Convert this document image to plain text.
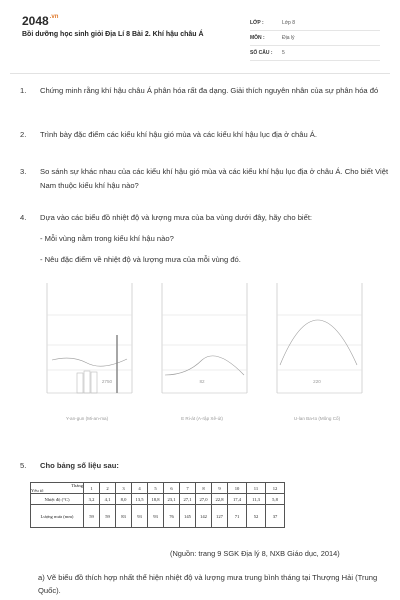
$2048^{.vn}$
Bồi dưỡng học sinh giỏi Địa Lí 8 Bài 2. Khí hậu châu Á
LỚP :	Lớp 8
MÔN :	Địa lý
SỐ CÂU :	5
1.	Chứng minh rằng khí hậu châu Á phân hóa rất đa dạng. Giải thích nguyên nhân của sự phân hóa đó
2.	Trình bày đặc điểm các kiểu khí hậu gió mùa và các kiểu khí hậu lục địa ở châu Á.
3.	So sánh sự khác nhau của các kiểu khí hậu gió mùa và các kiểu khí hậu lục địa ở châu Á. Cho biết Việt Nam thuộc kiểu khí hậu nào?
4.	Dựa vào các biểu đồ nhiệt độ và lượng mưa của ba vùng dưới đây, hãy cho biết:
- Mỗi vùng nằm trong kiểu khí hậu nào?
- Nêu đặc điểm về nhiệt độ và lượng mưa của mỗi vùng đó.
2750	82	220
Y-an-gun (Mi-an-ma)	E Ri-át (A-rập Xê-út)	U-lan Ba-to (Mông Cổ)
5.	Cho bảng số liệu sau:
Tháng
Yếu tố	1	2	3	4	5	6	7	8	9	10	11	12
Nhiệt độ (°C)	3,2	4,1	8,0	13,5	18,8	23,1	27,1	27,0	22,8	17,4	11,3	5,8
Lượng mưa (mm)	59	59	83	93	93	76	145	142	127	71	52	37
(Nguồn: trang 9 SGK Địa lý 8, NXB Giáo dục, 2014)
a) Vẽ biểu đồ thích hợp nhất thể hiện nhiệt độ và lượng mưa trung bình tháng tại Thượng Hải (Trung Quốc).
